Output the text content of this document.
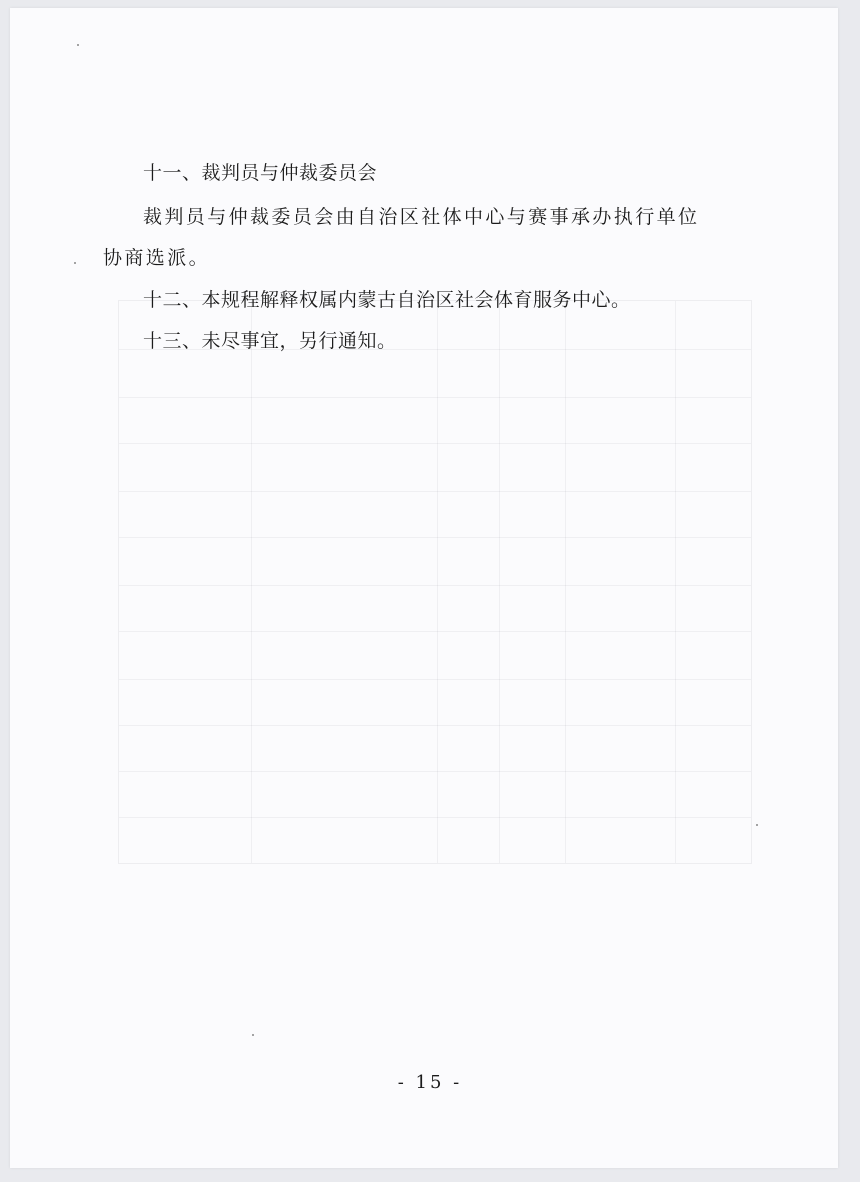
十一、裁判员与仲裁委员会
裁判员与仲裁委员会由自治区社体中心与赛事承办执行单位
协商选派。
十二、本规程解释权属内蒙古自治区社会体育服务中心。
十三、未尽事宜，另行通知。
- 15 -
